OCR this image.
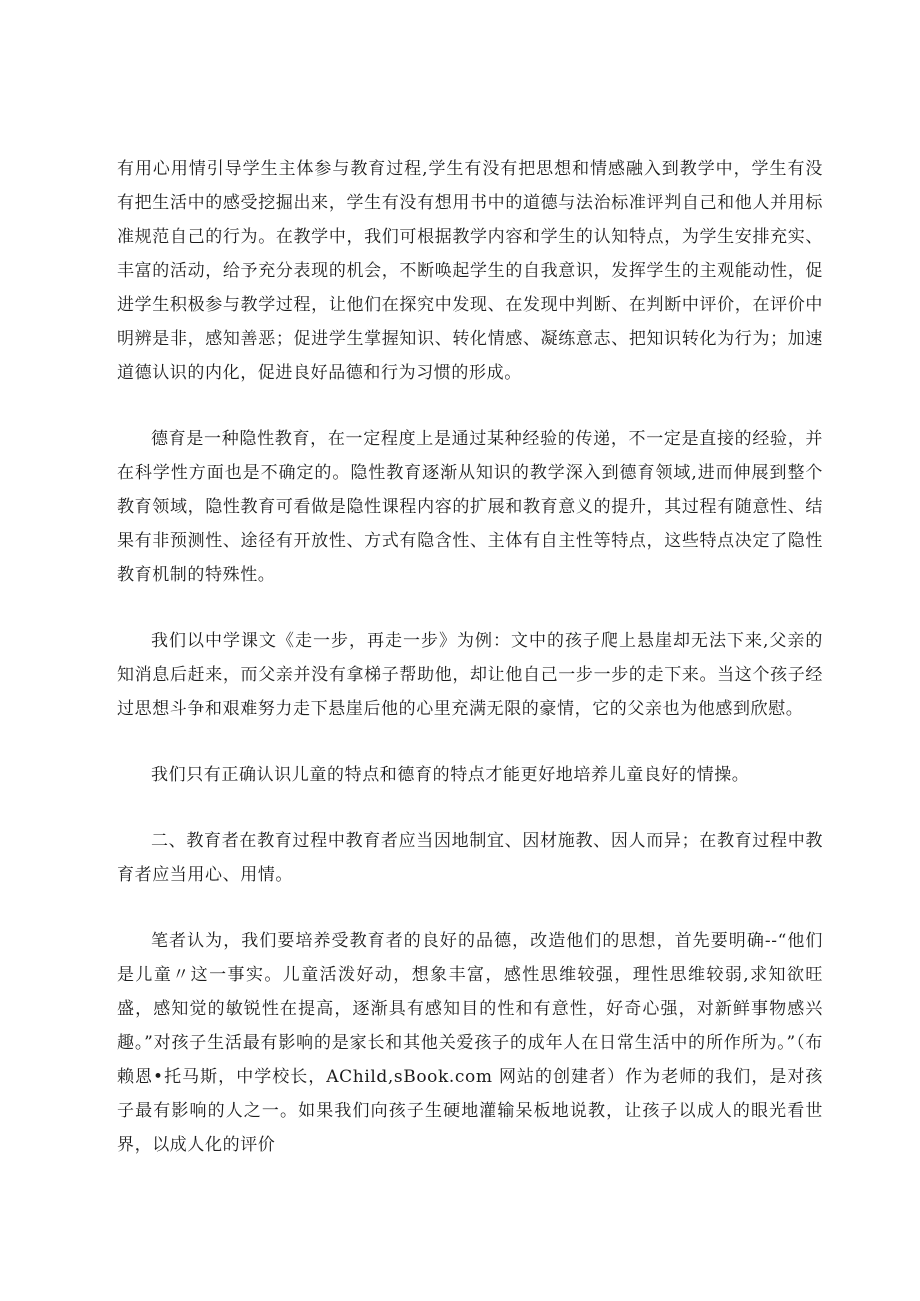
有用心用情引导学生主体参与教育过程,学生有没有把思想和情感融入到教学中，学生有没有把生活中的感受挖掘出来，学生有没有想用书中的道德与法治标准评判自己和他人并用标准规范自己的行为。在教学中，我们可根据教学内容和学生的认知特点，为学生安排充实、丰富的活动，给予充分表现的机会，不断唤起学生的自我意识，发挥学生的主观能动性，促进学生积极参与教学过程，让他们在探究中发现、在发现中判断、在判断中评价，在评价中明辨是非，感知善恶；促进学生掌握知识、转化情感、凝练意志、把知识转化为行为；加速道德认识的内化，促进良好品德和行为习惯的形成。

德育是一种隐性教育，在一定程度上是通过某种经验的传递，不一定是直接的经验，并在科学性方面也是不确定的。隐性教育逐渐从知识的教学深入到德育领域,进而伸展到整个教育领域，隐性教育可看做是隐性课程内容的扩展和教育意义的提升，其过程有随意性、结果有非预测性、途径有开放性、方式有隐含性、主体有自主性等特点，这些特点决定了隐性教育机制的特殊性。

我们以中学课文《走一步，再走一步》为例：文中的孩子爬上悬崖却无法下来,父亲的知消息后赶来，而父亲并没有拿梯子帮助他，却让他自己一步一步的走下来。当这个孩子经过思想斗争和艰难努力走下悬崖后他的心里充满无限的豪情，它的父亲也为他感到欣慰。

我们只有正确认识儿童的特点和德育的特点才能更好地培养儿童良好的情操。

二、教育者在教育过程中教育者应当因地制宜、因材施教、因人而异；在教育过程中教育者应当用心、用情。

笔者认为，我们要培养受教育者的良好的品德，改造他们的思想，首先要明确--“他们是儿童〃这一事实。儿童活泼好动，想象丰富，感性思维较强，理性思维较弱,求知欲旺盛，感知觉的敏锐性在提高，逐渐具有感知目的性和有意性，好奇心强，对新鲜事物感兴趣。”对孩子生活最有影响的是家长和其他关爱孩子的成年人在日常生活中的所作所为。”（布赖恩•托马斯，中学校长，AChild,sBook.com 网站的创建者）作为老师的我们，是对孩子最有影响的人之一。如果我们向孩子生硬地灌输呆板地说教，让孩子以成人的眼光看世界，以成人化的评价
